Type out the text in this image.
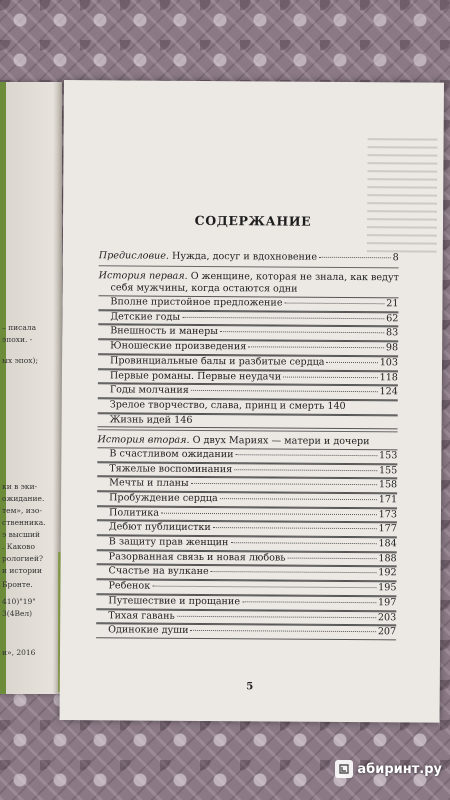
эпохи. -
ых эпох);
ки в эки-
ожидание.
тем», изо-
ственника.
э высший
. Каково
рологией?
и истории
410)"19"
3(4Вел)
и», 2016
– писала
Бронте.
СОДЕРЖАНИЕ
Предисловие. Нужда, досуг и вдохновение	8
История первая. О женщине, которая не знала, как ведут
себя мужчины, когда остаются одни
Вполне пристойное предложение	21
Детские годы	62
Внешность и манеры	83
Юношеские произведения	98
Провинциальные балы и разбитые сердца	103
Первые романы. Первые неудачи	118
Годы молчания	124
Зрелое творчество, слава, принц и смерть 140
Жизнь идей 146
История вторая. О двух Мариях — матери и дочери
В счастливом ожидании	153
Тяжелые воспоминания	155
Мечты и планы	158
Пробуждение сердца	171
Политика	173
Дебют публицистки	177
В защиту прав женщин	184
Разорванная связь и новая любовь	188
Счастье на вулкане	192
Ребенок	195
Путешествие и прощание	197
Тихая гавань	203
Одинокие души	207
5
абиринт.ру
